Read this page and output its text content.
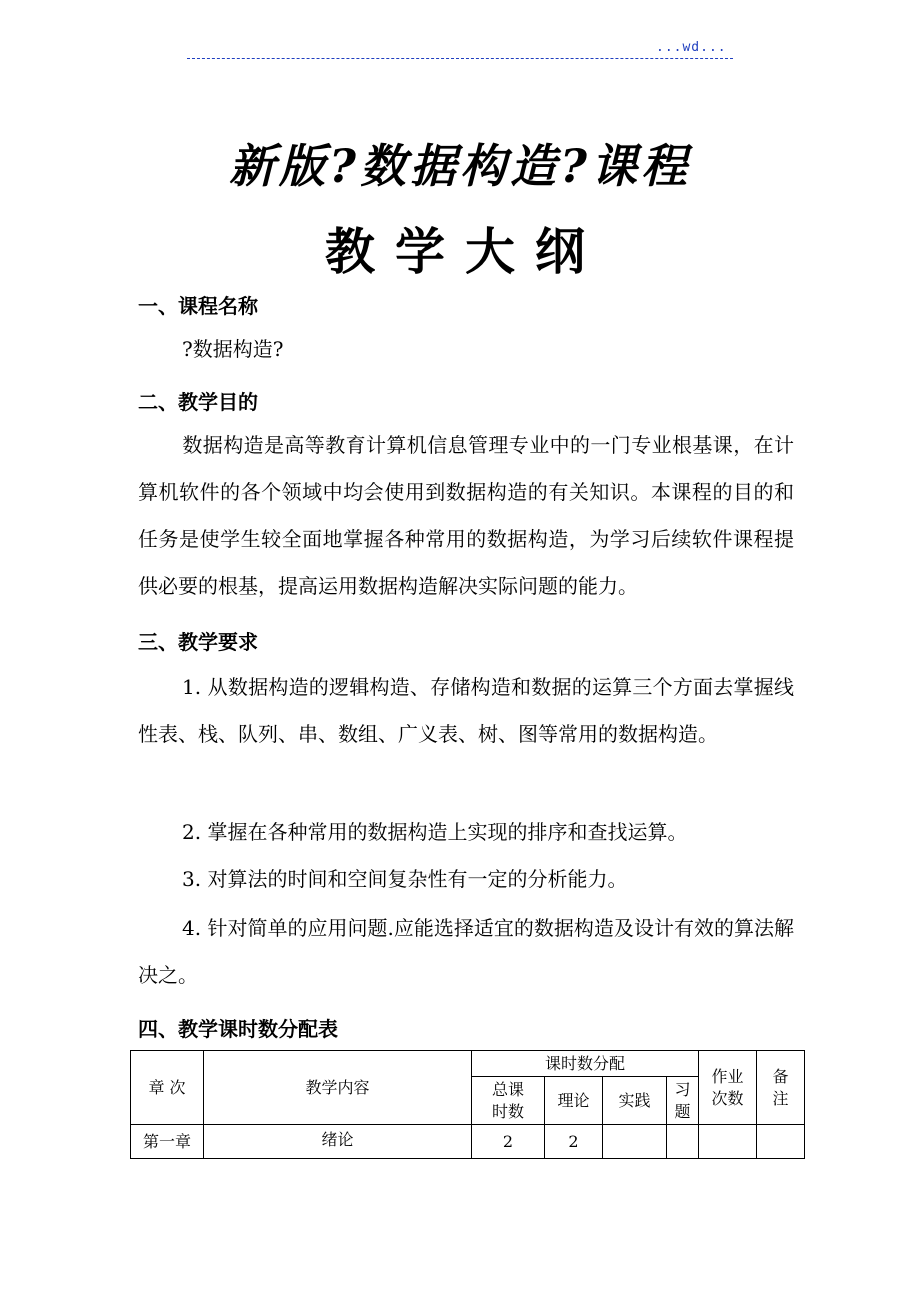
...wd...
新版?数据构造?课程
教学大纲
一、课程名称
?数据构造?
二、教学目的
数据构造是高等教育计算机信息管理专业中的一门专业根基课，在计算机软件的各个领域中均会使用到数据构造的有关知识。本课程的目的和任务是使学生较全面地掌握各种常用的数据构造，为学习后续软件课程提供必要的根基，提高运用数据构造解决实际问题的能力。
三、教学要求
1. 从数据构造的逻辑构造、存储构造和数据的运算三个方面去掌握线性表、栈、队列、串、数组、广义表、树、图等常用的数据构造。
2. 掌握在各种常用的数据构造上实现的排序和查找运算。
3. 对算法的时间和空间复杂性有一定的分析能力。
4. 针对简单的应用问题.应能选择适宜的数据构造及设计有效的算法解决之。
四、教学课时数分配表
章 次	教学内容	课时数分配				作业次数	备注

		总课时数	理论	实践	习题		

第一章	绪论	2	2				
